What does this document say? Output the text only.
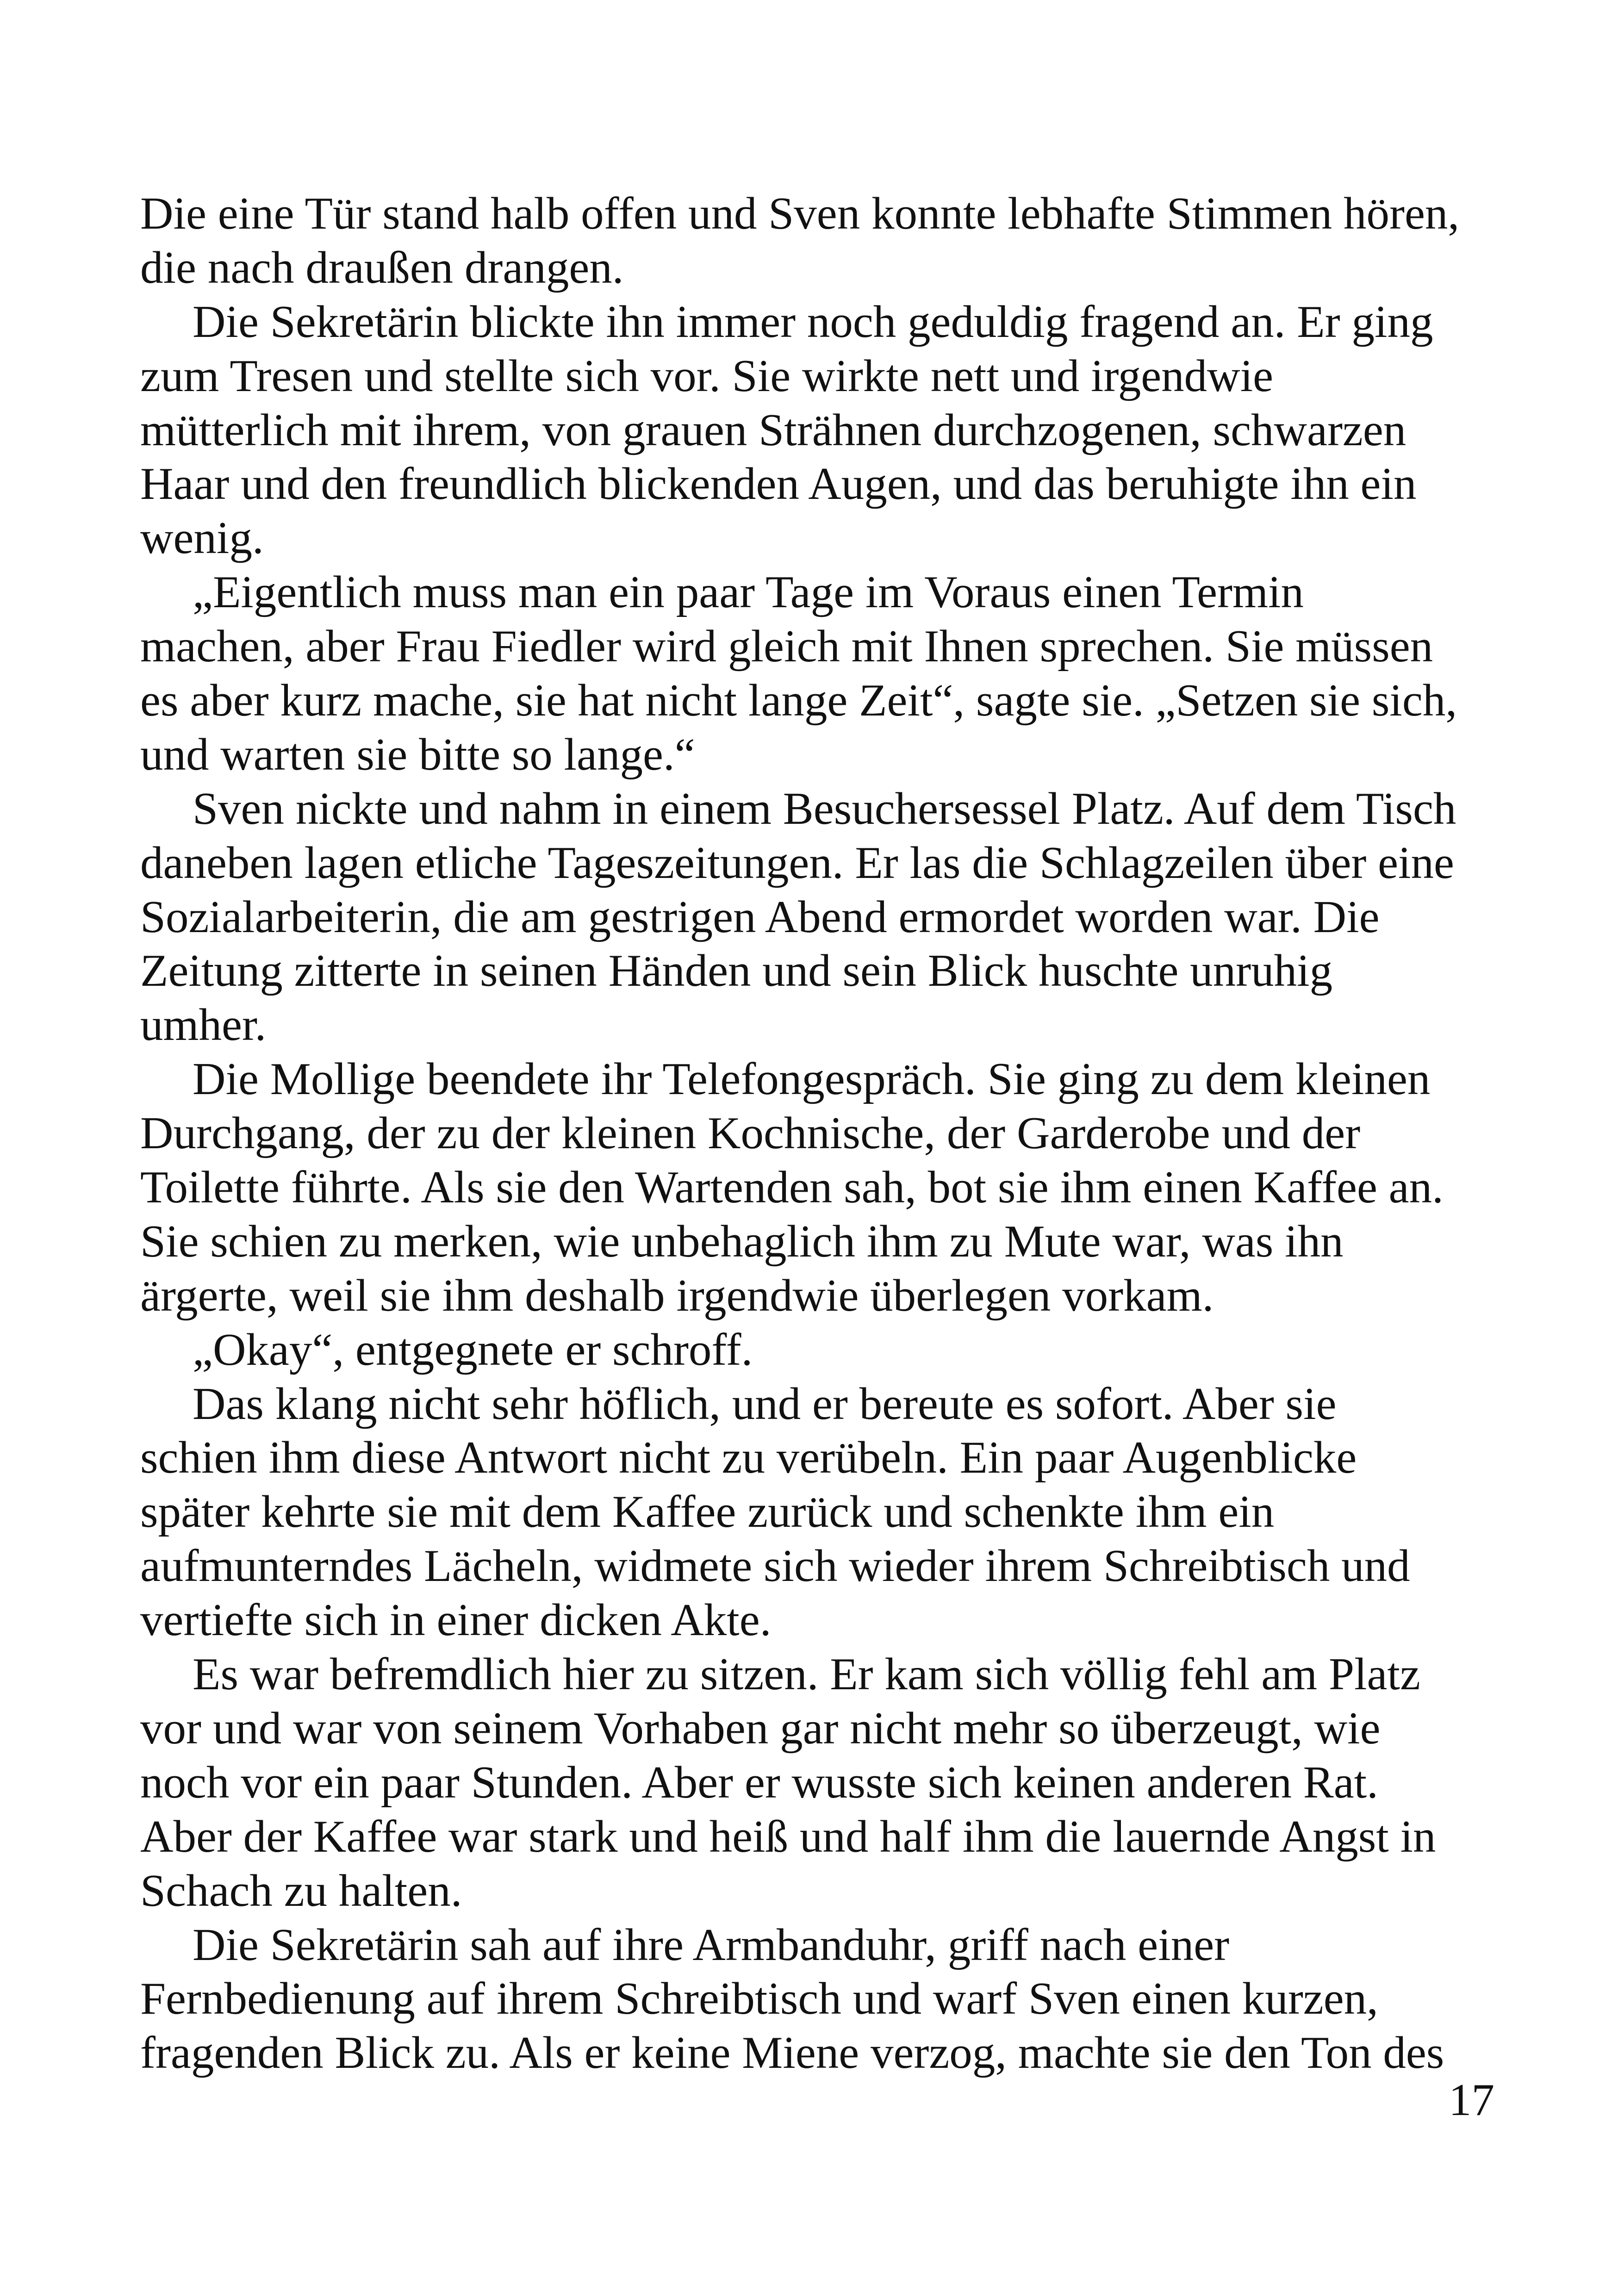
Die eine Tür stand halb offen und Sven konnte lebhafte Stimmen hören,
die nach draußen drangen.
Die Sekretärin blickte ihn immer noch geduldig fragend an. Er ging
zum Tresen und stellte sich vor. Sie wirkte nett und irgendwie
mütterlich mit ihrem, von grauen Strähnen durchzogenen, schwarzen
Haar und den freundlich blickenden Augen, und das beruhigte ihn ein
wenig.
„Eigentlich muss man ein paar Tage im Voraus einen Termin
machen, aber Frau Fiedler wird gleich mit Ihnen sprechen. Sie müssen
es aber kurz mache, sie hat nicht lange Zeit“, sagte sie. „Setzen sie sich,
und warten sie bitte so lange.“
Sven nickte und nahm in einem Besuchersessel Platz. Auf dem Tisch
daneben lagen etliche Tageszeitungen. Er las die Schlagzeilen über eine
Sozialarbeiterin, die am gestrigen Abend ermordet worden war. Die
Zeitung zitterte in seinen Händen und sein Blick huschte unruhig
umher.
Die Mollige beendete ihr Telefongespräch. Sie ging zu dem kleinen
Durchgang, der zu der kleinen Kochnische, der Garderobe und der
Toilette führte. Als sie den Wartenden sah, bot sie ihm einen Kaffee an.
Sie schien zu merken, wie unbehaglich ihm zu Mute war, was ihn
ärgerte, weil sie ihm deshalb irgendwie überlegen vorkam.
„Okay“, entgegnete er schroff.
Das klang nicht sehr höflich, und er bereute es sofort. Aber sie
schien ihm diese Antwort nicht zu verübeln. Ein paar Augenblicke
später kehrte sie mit dem Kaffee zurück und schenkte ihm ein
aufmunterndes Lächeln, widmete sich wieder ihrem Schreibtisch und
vertiefte sich in einer dicken Akte.
Es war befremdlich hier zu sitzen. Er kam sich völlig fehl am Platz
vor und war von seinem Vorhaben gar nicht mehr so überzeugt, wie
noch vor ein paar Stunden. Aber er wusste sich keinen anderen Rat.
Aber der Kaffee war stark und heiß und half ihm die lauernde Angst in
Schach zu halten.
Die Sekretärin sah auf ihre Armbanduhr, griff nach einer
Fernbedienung auf ihrem Schreibtisch und warf Sven einen kurzen,
fragenden Blick zu. Als er keine Miene verzog, machte sie den Ton des
17
